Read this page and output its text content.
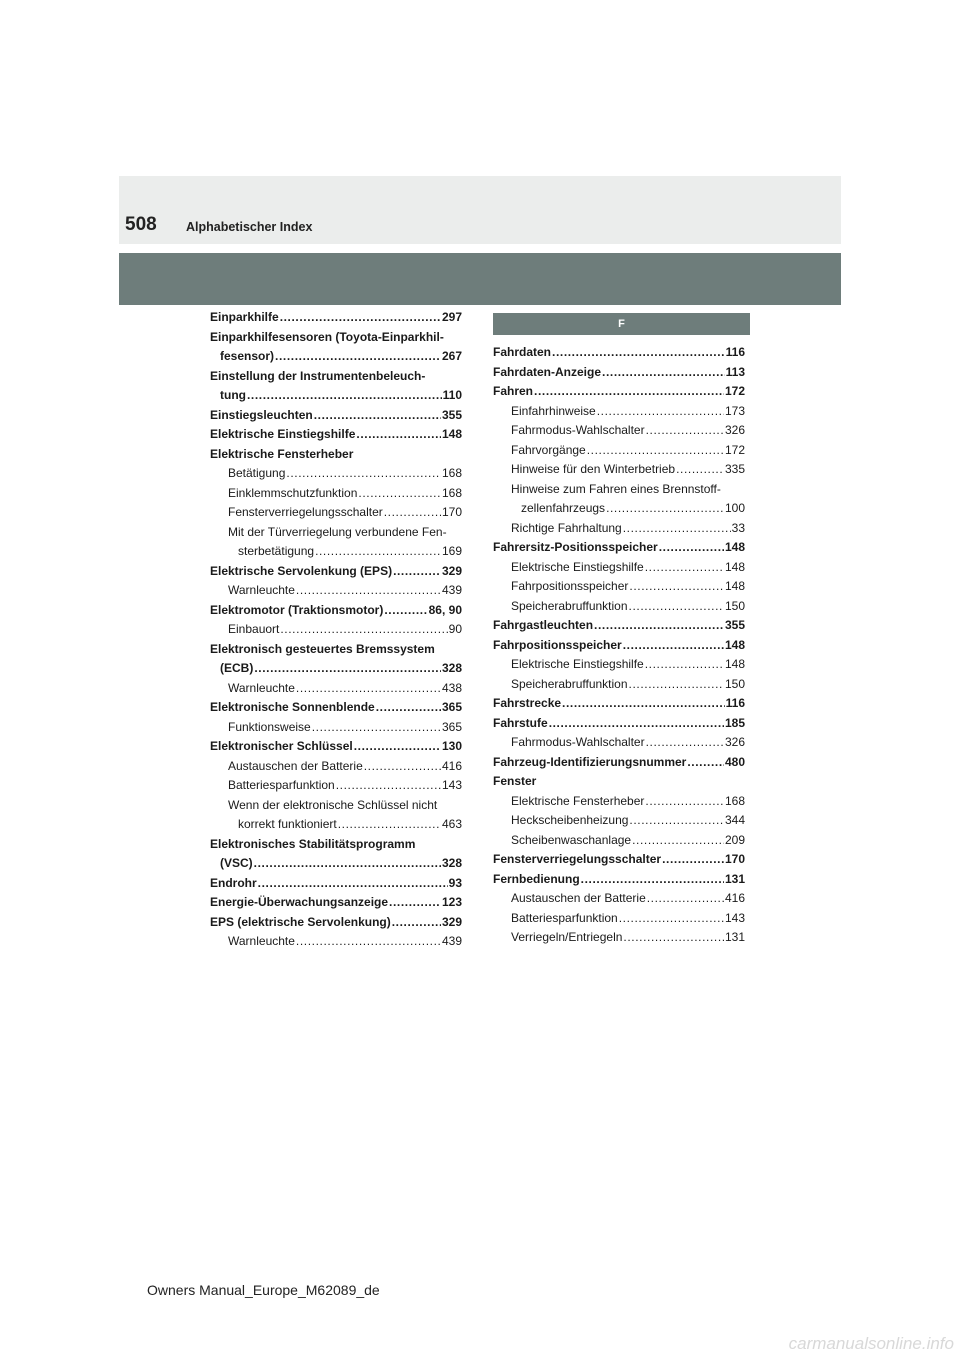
508 Alphabetischer Index
Einparkhilfe .....	297
Einparkhilfesensoren (Toyota-Einparkhil-
fesensor) .....	267
Einstellung der Instrumentenbeleuch-
tung .....	110
Einstiegsleuchten .....	355
Elektrische Einstiegshilfe .....	148
Elektrische Fensterheber
Betätigung .....	168
Einklemmschutzfunktion .....	168
Fensterverriegelungsschalter .....	170
Mit der Türverriegelung verbundene Fen-
sterbetätigung .....	169
Elektrische Servolenkung (EPS) .....	329
Warnleuchte .....	439
Elektromotor (Traktionsmotor) .....	86, 90
Einbauort .....	90
Elektronisch gesteuertes Bremssystem
(ECB) .....	328
Warnleuchte .....	438
Elektronische Sonnenblende .....	365
Funktionsweise .....	365
Elektronischer Schlüssel .....	130
Austauschen der Batterie .....	416
Batteriesparfunktion .....	143
Wenn der elektronische Schlüssel nicht
korrekt funktioniert .....	463
Elektronisches Stabilitätsprogramm
(VSC) .....	328
Endrohr .....	93
Energie-Überwachungsanzeige .....	123
EPS (elektrische Servolenkung) .....	329
Warnleuchte .....	439
F
Fahrdaten .....	116
Fahrdaten-Anzeige .....	113
Fahren .....	172
Einfahrhinweise .....	173
Fahrmodus-Wahlschalter .....	326
Fahrvorgänge .....	172
Hinweise für den Winterbetrieb .....	335
Hinweise zum Fahren eines Brennstoff-
zellenfahrzeugs .....	100
Richtige Fahrhaltung .....	33
Fahrersitz-Positionsspeicher .....	148
Elektrische Einstiegshilfe .....	148
Fahrpositionsspeicher .....	148
Speicherabruffunktion .....	150
Fahrgastleuchten .....	355
Fahrpositionsspeicher .....	148
Elektrische Einstiegshilfe .....	148
Speicherabruffunktion .....	150
Fahrstrecke .....	116
Fahrstufe .....	185
Fahrmodus-Wahlschalter .....	326
Fahrzeug-Identifizierungsnummer .....	480
Fenster
Elektrische Fensterheber .....	168
Heckscheibenheizung .....	344
Scheibenwaschanlage .....	209
Fensterverriegelungsschalter .....	170
Fernbedienung .....	131
Austauschen der Batterie .....	416
Batteriesparfunktion .....	143
Verriegeln/Entriegeln .....	131
Owners Manual_Europe_M62089_de
carmanualsonline.info
